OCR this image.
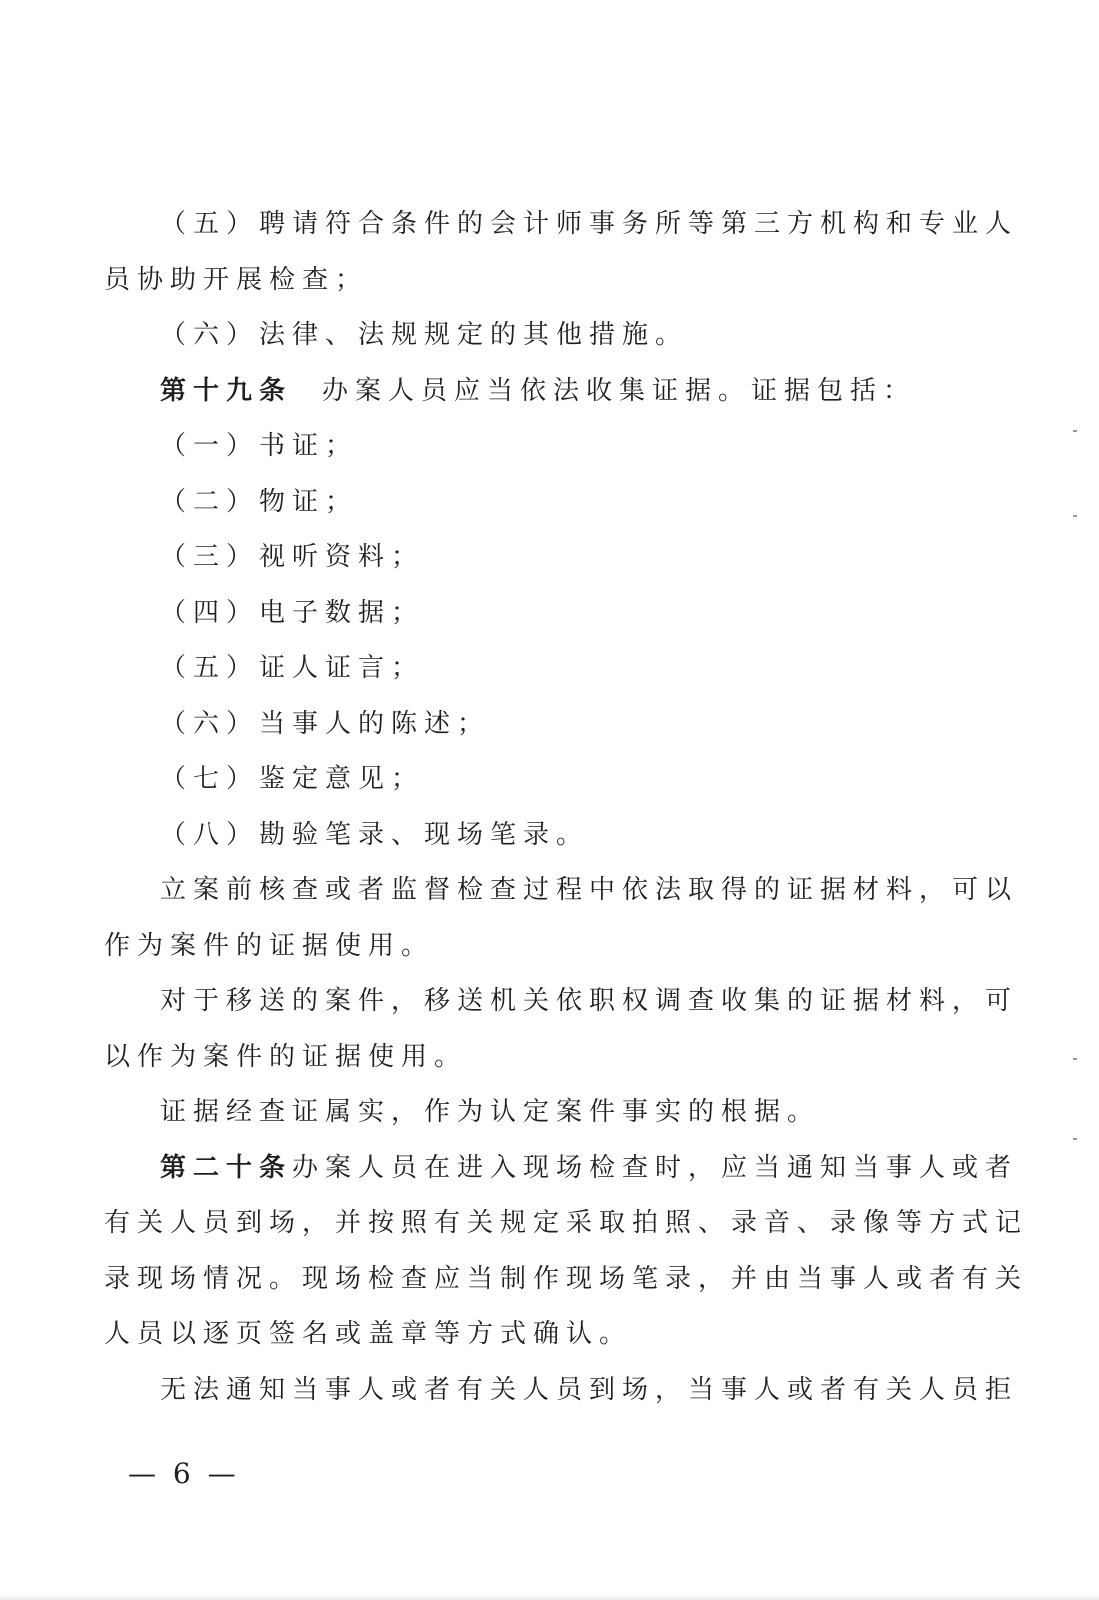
（五）聘请符合条件的会计师事务所等第三方机构和专业人
员协助开展检查；
（六）法律、法规规定的其他措施。
第十九条 办案人员应当依法收集证据。证据包括：
（一）书证；
（二）物证；
（三）视听资料；
（四）电子数据；
（五）证人证言；
（六）当事人的陈述；
（七）鉴定意见；
（八）勘验笔录、现场笔录。
立案前核查或者监督检查过程中依法取得的证据材料，可以
作为案件的证据使用。
对于移送的案件，移送机关依职权调查收集的证据材料，可
以作为案件的证据使用。
证据经查证属实，作为认定案件事实的根据。
第二十条办案人员在进入现场检查时，应当通知当事人或者
有关人员到场，并按照有关规定采取拍照、录音、录像等方式记
录现场情况。现场检查应当制作现场笔录，并由当事人或者有关
人员以逐页签名或盖章等方式确认。
无法通知当事人或者有关人员到场，当事人或者有关人员拒
— 6 —
